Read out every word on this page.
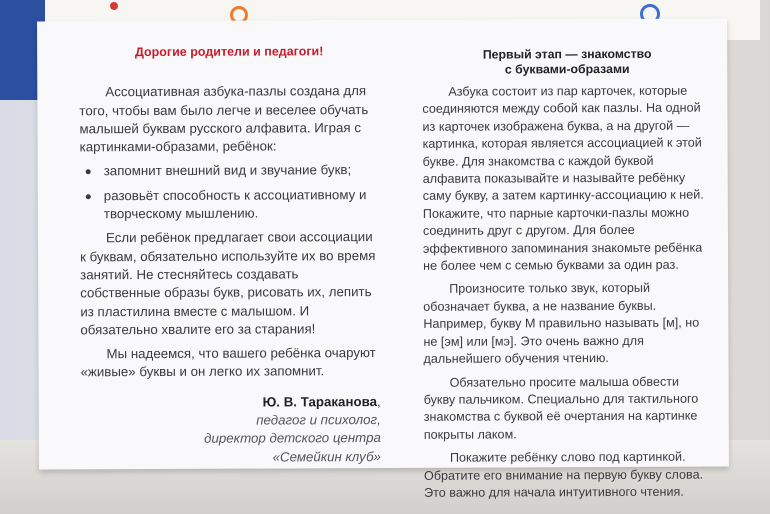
Дорогие родители и педагоги!

Ассоциативная азбука-пазлы создана для того, чтобы вам было легче и веселее обучать малышей буквам русского алфавита. Играя с картинками-образами, ребёнок:

запомнит внешний вид и звучание букв;
разовьёт способность к ассоциативному и творческому мышлению.

Если ребёнок предлагает свои ассоциации к буквам, обязательно используйте их во время занятий. Не стесняйтесь создавать собственные образы букв, рисовать их, лепить из пластилина вместе с малышом. И обязательно хвалите его за старания!

Мы надеемся, что вашего ребёнка очаруют «живые» буквы и он легко их запомнит.

Ю. В. Тараканова,
педагог и психолог,
директор детского центра
«Семейкин клуб»
Первый этап — знакомство
с буквами-образами

Азбука состоит из пар карточек, которые соединяются между собой как пазлы. На одной из карточек изображена буква, а на другой — картинка, которая является ассоциацией к этой букве. Для знакомства с каждой буквой алфавита показывайте и называйте ребёнку саму букву, а затем картинку-ассоциацию к ней. Покажите, что парные карточки-пазлы можно соединить друг с другом. Для более эффективного запоминания знакомьте ребёнка не более чем с семью буквами за один раз.

Произносите только звук, который обозначает буква, а не название буквы. Например, букву М правильно называть [м], но не [эм] или [мэ]. Это очень важно для дальнейшего обучения чтению.

Обязательно просите малыша обвести букву пальчиком. Специально для тактильного знакомства с буквой её очертания на картинке покрыты лаком.

Покажите ребёнку слово под картинкой. Обратите его внимание на первую букву слова. Это важно для начала интуитивного чтения.
